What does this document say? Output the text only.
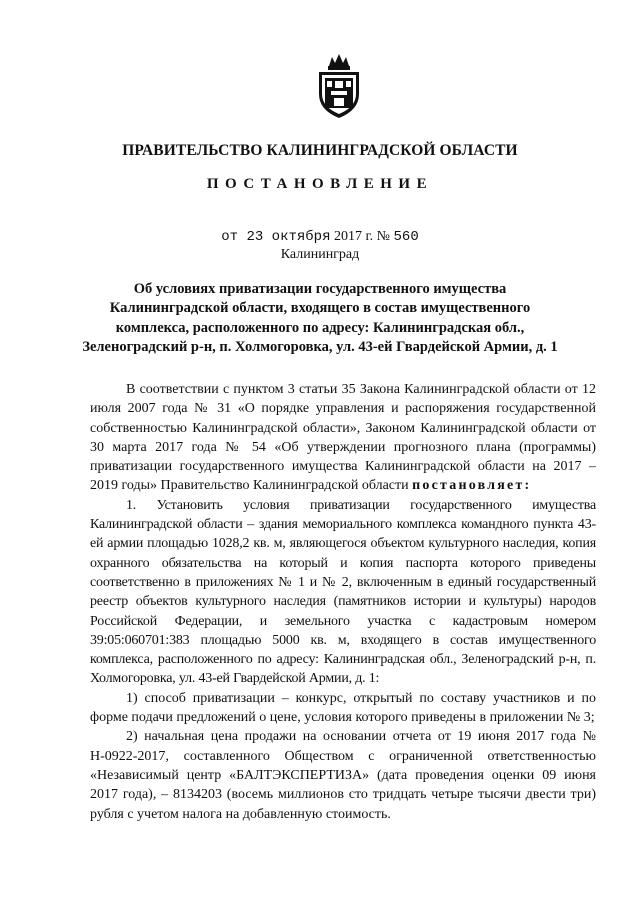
ПРАВИТЕЛЬСТВО КАЛИНИНГРАДСКОЙ ОБЛАСТИ
ПОСТАНОВЛЕНИЕ
от 23 октября 2017 г. № 560
Калининград
Об условиях приватизации государственного имущества
Калининградской области, входящего в состав имущественного
комплекса, расположенного по адресу: Калининградская обл.,
Зеленоградский р-н, п. Холмогоровка, ул. 43-ей Гвардейской Армии, д. 1

В соответствии с пунктом 3 статьи 35 Закона Калининградской области от 12 июля 2007 года № 31 «О порядке управления и распоряжения государственной собственностью Калининградской области», Законом Калининградской области от 30 марта 2017 года № 54 «Об утверждении прогнозного плана (программы) приватизации государственного имущества Калининградской области на 2017 – 2019 годы» Правительство Калининградской области постановляет:

1. Установить условия приватизации государственного имущества Калининградской области – здания мемориального комплекса командного пункта 43-ей армии площадью 1028,2 кв. м, являющегося объектом культурного наследия, копия охранного обязательства на который и копия паспорта которого приведены соответственно в приложениях № 1 и № 2, включенным в единый государственный реестр объектов культурного наследия (памятников истории и культуры) народов Российской Федерации, и земельного участка с кадастровым номером 39:05:060701:383 площадью 5000 кв. м, входящего в состав имущественного комплекса, расположенного по адресу: Калининградская обл., Зеленоградский р-н, п. Холмогоровка, ул. 43-ей Гвардейской Армии, д. 1:

1) способ приватизации – конкурс, открытый по составу участников и по форме подачи предложений о цене, условия которого приведены в приложении № 3;

2) начальная цена продажи на основании отчета от 19 июня 2017 года № Н-0922-2017, составленного Обществом с ограниченной ответственностью «Независимый центр «БАЛТЭКСПЕРТИЗА» (дата проведения оценки 09 июня 2017 года), – 8134203 (восемь миллионов сто тридцать четыре тысячи двести три) рубля с учетом налога на добавленную стоимость.
